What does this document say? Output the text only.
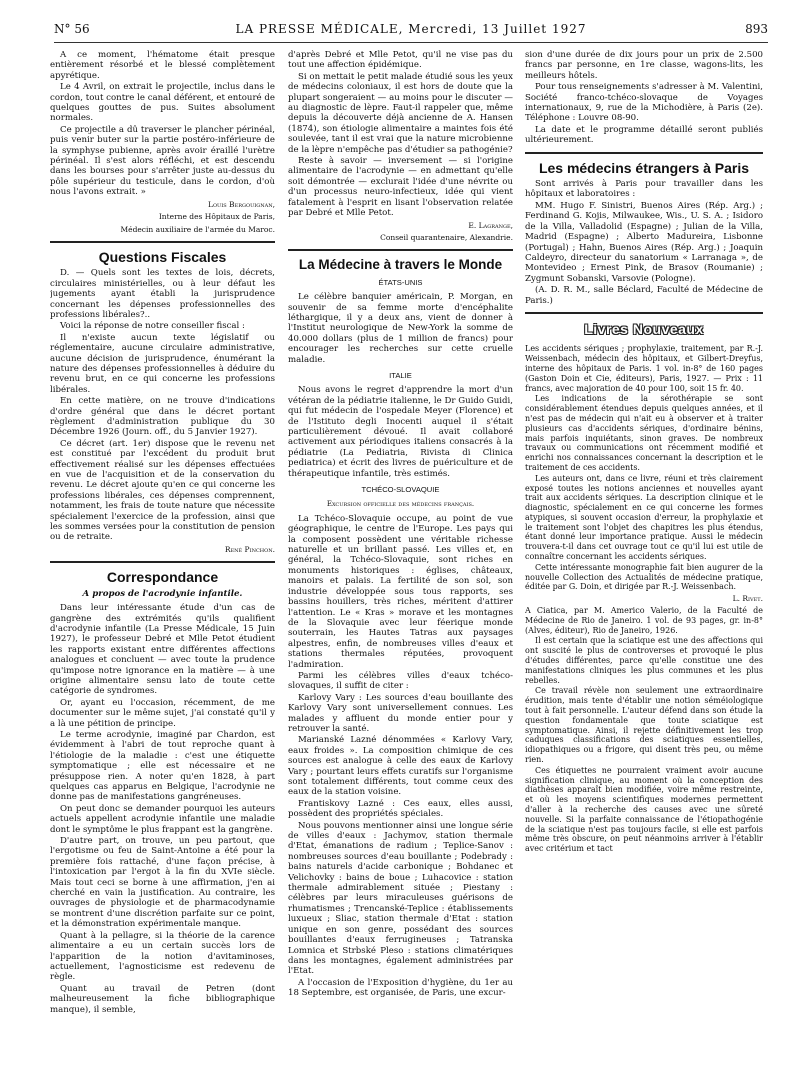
N° 56	LA PRESSE MÉDICALE, Mercredi, 13 Juillet 1927	893

A ce moment, l'hématome était presque entièrement résorbé et le blessé complètement apyrétique.

Le 4 Avril, on extrait le projectile, inclus dans le cordon, tout contre le canal déférent, et entouré de quelques gouttes de pus. Suites absolument normales.

Ce projectile a dû traverser le plancher périnéal, puis venir buter sur la partie postéro-inférieure de la symphyse pubienne, après avoir éraillé l'urètre périnéal. Il s'est alors réfléchi, et est descendu dans les bourses pour s'arrêter juste au-dessus du pôle supérieur du testicule, dans le cordon, d'où nous l'avons extrait. »

Louis Bergouignan,

Interne des Hôpitaux de Paris,

Médecin auxiliaire de l'armée du Maroc.

Questions Fiscales

D. — Quels sont les textes de lois, décrets, circulaires ministérielles, ou à leur défaut les jugements ayant établi la jurisprudence concernant les dépenses professionnelles des professions libérales?..

Voici la réponse de notre conseiller fiscal :

Il n'existe aucun texte législatif ou réglementaire, aucune circulaire administrative, aucune décision de jurisprudence, énumérant la nature des dépenses professionnelles à déduire du revenu brut, en ce qui concerne les professions libérales.

En cette matière, on ne trouve d'indications d'ordre général que dans le décret portant règlement d'administration publique du 30 Décembre 1926 (Journ. off., du 5 Janvier 1927).

Ce décret (art. 1er) dispose que le revenu net est constitué par l'excédent du produit brut effectivement réalisé sur les dépenses effectuées en vue de l'acquisition et de la conservation du revenu. Le décret ajoute qu'en ce qui concerne les professions libérales, ces dépenses comprennent, notamment, les frais de toute nature que nécessite spécialement l'exercice de la profession, ainsi que les sommes versées pour la constitution de pension ou de retraite.

René Pinchon.

Correspondance

A propos de l'acrodynie infantile.

Dans leur intéressante étude d'un cas de gangrène des extrémités qu'ils qualifient d'acrodynie infantile (La Presse Médicale, 15 Juin 1927), le professeur Debré et Mlle Petot étudient les rapports existant entre différentes affections analogues et concluent — avec toute la prudence qu'impose notre ignorance en la matière — à une origine alimentaire sensu lato de toute cette catégorie de syndromes.

Or, ayant eu l'occasion, récemment, de me documenter sur le même sujet, j'ai constaté qu'il y a là une pétition de principe.

Le terme acrodynie, imaginé par Chardon, est évidemment à l'abri de tout reproche quant à l'étiologie de la maladie : c'est une étiquette symptomatique ; elle est nécessaire et ne présuppose rien. A noter qu'en 1828, à part quelques cas apparus en Belgique, l'acrodynie ne donne pas de manifestations gangréneuses.

On peut donc se demander pourquoi les auteurs actuels appellent acrodynie infantile une maladie dont le symptôme le plus frappant est la gangrène.

D'autre part, on trouve, un peu partout, que l'ergotisme ou feu de Saint-Antoine a été pour la première fois rattaché, d'une façon précise, à l'intoxication par l'ergot à la fin du XVIe siècle. Mais tout ceci se borne à une affirmation, j'en ai cherché en vain la justification. Au contraire, les ouvrages de physiologie et de pharmacodynamie se montrent d'une discrétion parfaite sur ce point, et la démonstration expérimentale manque.

Quant à la pellagre, si la théorie de la carence alimentaire a eu un certain succès lors de l'apparition de la notion d'avitaminoses, actuellement, l'agnosticisme est redevenu de règle.

Quant au travail de Petren (dont malheureusement la fiche bibliographique manque), il semble,

d'après Debré et Mlle Petot, qu'il ne vise pas du tout une affection épidémique.

Si on mettait le petit malade étudié sous les yeux de médecins coloniaux, il est hors de doute que la plupart songeraient — au moins pour le discuter — au diagnostic de lèpre. Faut-il rappeler que, même depuis la découverte déjà ancienne de A. Hansen (1874), son étiologie alimentaire a maintes fois été soulevée, tant il est vrai que la nature microbienne de la lèpre n'empêche pas d'étudier sa pathogénie?

Reste à savoir — inversement — si l'origine alimentaire de l'acrodynie — en admettant qu'elle soit démontrée — exclurait l'idée d'une névrite ou d'un processus neuro-infectieux, idée qui vient fatalement à l'esprit en lisant l'observation relatée par Debré et Mlle Petot.

E. Lagrange,

Conseil quarantenaire, Alexandrie.

La Médecine à travers le Monde

ÉTATS-UNIS

Le célèbre banquier américain, P. Morgan, en souvenir de sa femme morte d'encéphalite léthargique, il y a deux ans, vient de donner à l'Institut neurologique de New-York la somme de 40.000 dollars (plus de 1 million de francs) pour encourager les recherches sur cette cruelle maladie.

ITALIE

Nous avons le regret d'apprendre la mort d'un vétéran de la pédiatrie italienne, le Dr Guido Guidi, qui fut médecin de l'ospedale Meyer (Florence) et de l'Istituto degli Inocenti auquel il s'était particulièrement dévoué. Il avait collaboré activement aux périodiques italiens consacrés à la pédiatrie (La Pediatria, Rivista di Clinica pediatrica) et écrit des livres de puériculture et de thérapeutique infantile, très estimés.

TCHÉCO-SLOVAQUIE

Excursion officielle des médecins français.

La Tchéco-Slovaquie occupe, au point de vue géographique, le centre de l'Europe. Les pays qui la composent possèdent une véritable richesse naturelle et un brillant passé. Les villes et, en général, la Tchéco-Slovaquie, sont riches en monuments historiques : églises, châteaux, manoirs et palais. La fertilité de son sol, son industrie développée sous tous rapports, ses bassins houillers, très riches, méritent d'attirer l'attention. Le « Kras » morave et les montagnes de la Slovaquie avec leur féerique monde souterrain, les Hautes Tatras aux paysages alpestres, enfin, de nombreuses villes d'eaux et stations thermales réputées, provoquent l'admiration.

Parmi les célèbres villes d'eaux tchéco-slovaques, il suffit de citer :

Karlovy Vary : Les sources d'eau bouillante des Karlovy Vary sont universellement connues. Les malades y affluent du monde entier pour y retrouver la santé.

Marianské Lazné dénommées « Karlovy Vary, eaux froides ». La composition chimique de ces sources est analogue à celle des eaux de Karlovy Vary ; pourtant leurs effets curatifs sur l'organisme sont totalement différents, tout comme ceux des eaux de la station voisine.

Frantiskovy Lazné : Ces eaux, elles aussi, possèdent des propriétés spéciales.

Nous pouvons mentionner ainsi une longue série de villes d'eaux : Jachymov, station thermale d'Etat, émanations de radium ; Teplice-Sanov : nombreuses sources d'eau bouillante ; Podebrady : bains naturels d'acide carbonique ; Bohdanec et Velichovky : bains de boue ; Luhacovice : station thermale admirablement située ; Piestany : célèbres par leurs miraculeuses guérisons de rhumatismes ; Trencanské-Teplice : établissements luxueux ; Sliac, station thermale d'Etat : station unique en son genre, possédant des sources bouillantes d'eaux ferrugineuses ; Tatranska Lomnica et Strbské Pleso : stations climatériques dans les montagnes, également administrées par l'Etat.

A l'occasion de l'Exposition d'hygiène, du 1er au 18 Septembre, est organisée, de Paris, une excur-

sion d'une durée de dix jours pour un prix de 2.500 francs par personne, en 1re classe, wagons-lits, les meilleurs hôtels.

Pour tous renseignements s'adresser à M. Valentini, Société franco-tchéco-slovaque de Voyages internationaux, 9, rue de la Michodière, à Paris (2e). Téléphone : Louvre 08-90.

La date et le programme détaillé seront publiés ultérieurement.

Les médecins étrangers à Paris

Sont arrivés à Paris pour travailler dans les hôpitaux et laboratoires :

MM. Hugo F. Sinistri, Buenos Aires (Rép. Arg.) ; Ferdinand G. Kojis, Milwaukee, Wis., U. S. A. ; Isidoro de la Villa, Valladolid (Espagne) ; Julian de la Villa, Madrid (Espagne) ; Alberto Madureira, Lisbonne (Portugal) ; Hahn, Buenos Aires (Rép. Arg.) ; Joaquin Caldeyro, directeur du sanatorium « Larranaga », de Montevideo ; Ernest Pink, de Brasov (Roumanie) ; Zygmunt Sobanski, Varsovie (Pologne).

(A. D. R. M., salle Béclard, Faculté de Médecine de Paris.)

Livres Nouveaux

Les accidents sériques ; prophylaxie, traitement, par R.-J. Weissenbach, médecin des hôpitaux, et Gilbert-Dreyfus, interne des hôpitaux de Paris. 1 vol. in-8° de 160 pages (Gaston Doin et Cie, éditeurs), Paris, 1927. — Prix : 11 francs, avec majoration de 40 pour 100, soit 15 fr. 40.

Les indications de la sérothérapie se sont considérablement étendues depuis quelques années, et il n'est pas de médecin qui n'ait eu à observer et à traiter plusieurs cas d'accidents sériques, d'ordinaire bénins, mais parfois inquiétants, sinon graves. De nombreux travaux ou communications ont récemment modifié et enrichi nos connaissances concernant la description et le traitement de ces accidents.

Les auteurs ont, dans ce livre, réuni et très clairement exposé toutes les notions anciennes et nouvelles ayant trait aux accidents sériques. La description clinique et le diagnostic, spécialement en ce qui concerne les formes atypiques, si souvent occasion d'erreur, la prophylaxie et le traitement sont l'objet des chapitres les plus étendus, étant donné leur importance pratique. Aussi le médecin trouvera-t-il dans cet ouvrage tout ce qu'il lui est utile de connaître concernant les accidents sériques.

Cette intéressante monographie fait bien augurer de la nouvelle Collection des Actualités de médecine pratique, éditée par G. Doin, et dirigée par R.-J. Weissenbach.

L. Rivet.

A Ciatica, par M. Americo Valerio, de la Faculté de Médecine de Rio de Janeiro. 1 vol. de 93 pages, gr. in-8° (Alves, éditeur), Rio de Janeiro, 1926.

Il est certain que la sciatique est une des affections qui ont suscité le plus de controverses et provoqué le plus d'études différentes, parce qu'elle constitue une des manifestations cliniques les plus communes et les plus rebelles.

Ce travail révèle non seulement une extraordinaire érudition, mais tente d'établir une notion séméiologique tout à fait personnelle. L'auteur défend dans son étude la question fondamentale que toute sciatique est symptomatique. Ainsi, il rejette définitivement les trop caduques classifications des sciatiques essentielles, idiopathiques ou a frigore, qui disent très peu, ou même rien.

Ces étiquettes ne pourraient vraiment avoir aucune signification clinique, au moment où la conception des diathèses apparaît bien modifiée, voire même restreinte, et où les moyens scientifiques modernes permettent d'aller à la recherche des causes avec une sûreté nouvelle. Si la parfaite connaissance de l'étiopathogénie de la sciatique n'est pas toujours facile, si elle est parfois même très obscure, on peut néanmoins arriver à l'établir avec critérium et tact
